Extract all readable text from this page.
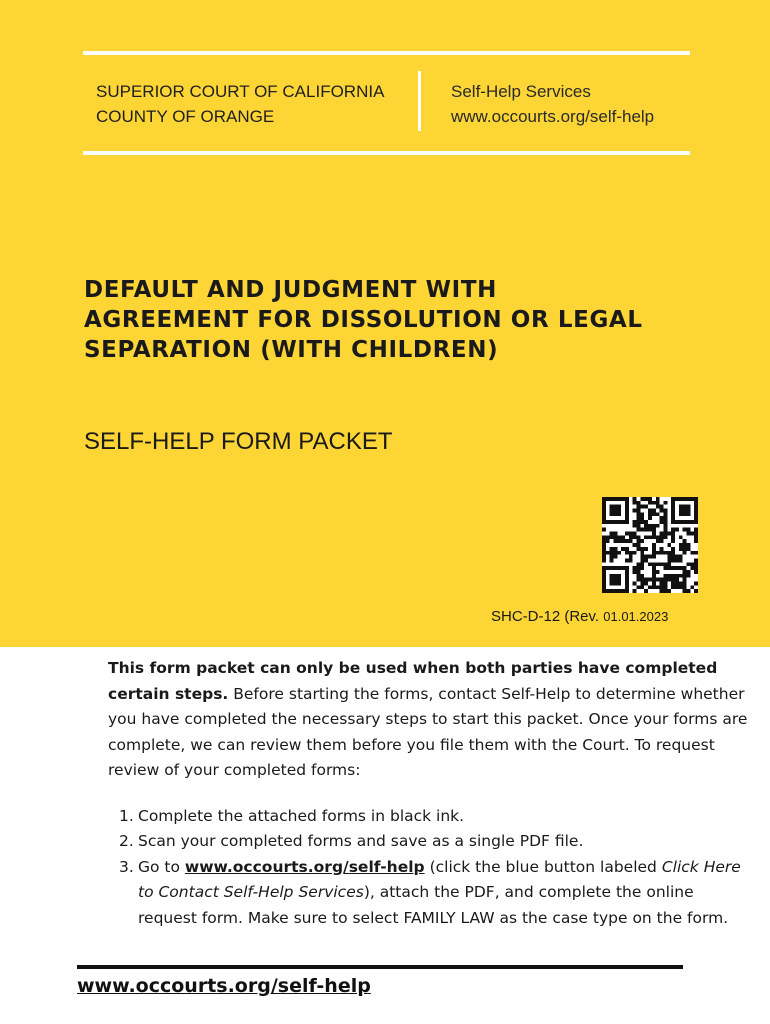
SUPERIOR COURT OF CALIFORNIA
COUNTY OF ORANGE
Self-Help Services
www.occourts.org/self-help
DEFAULT AND JUDGMENT WITH
AGREEMENT FOR DISSOLUTION OR LEGAL
SEPARATION (WITH CHILDREN)
SELF-HELP FORM PACKET
SHC-D-12 (Rev. 01.01.2023

This form packet can only be used when both parties have completed certain steps. Before starting the forms, contact Self-Help to determine whether you have completed the necessary steps to start this packet. Once your forms are complete, we can review them before you file them with the Court. To request review of your completed forms:

1. Complete the attached forms in black ink.
2. Scan your completed forms and save as a single PDF file.
3. Go to www.occourts.org/self-help (click the blue button labeled Click Here to Contact Self-Help Services), attach the PDF, and complete the online request form. Make sure to select FAMILY LAW as the case type on the form.
www.occourts.org/self-help
